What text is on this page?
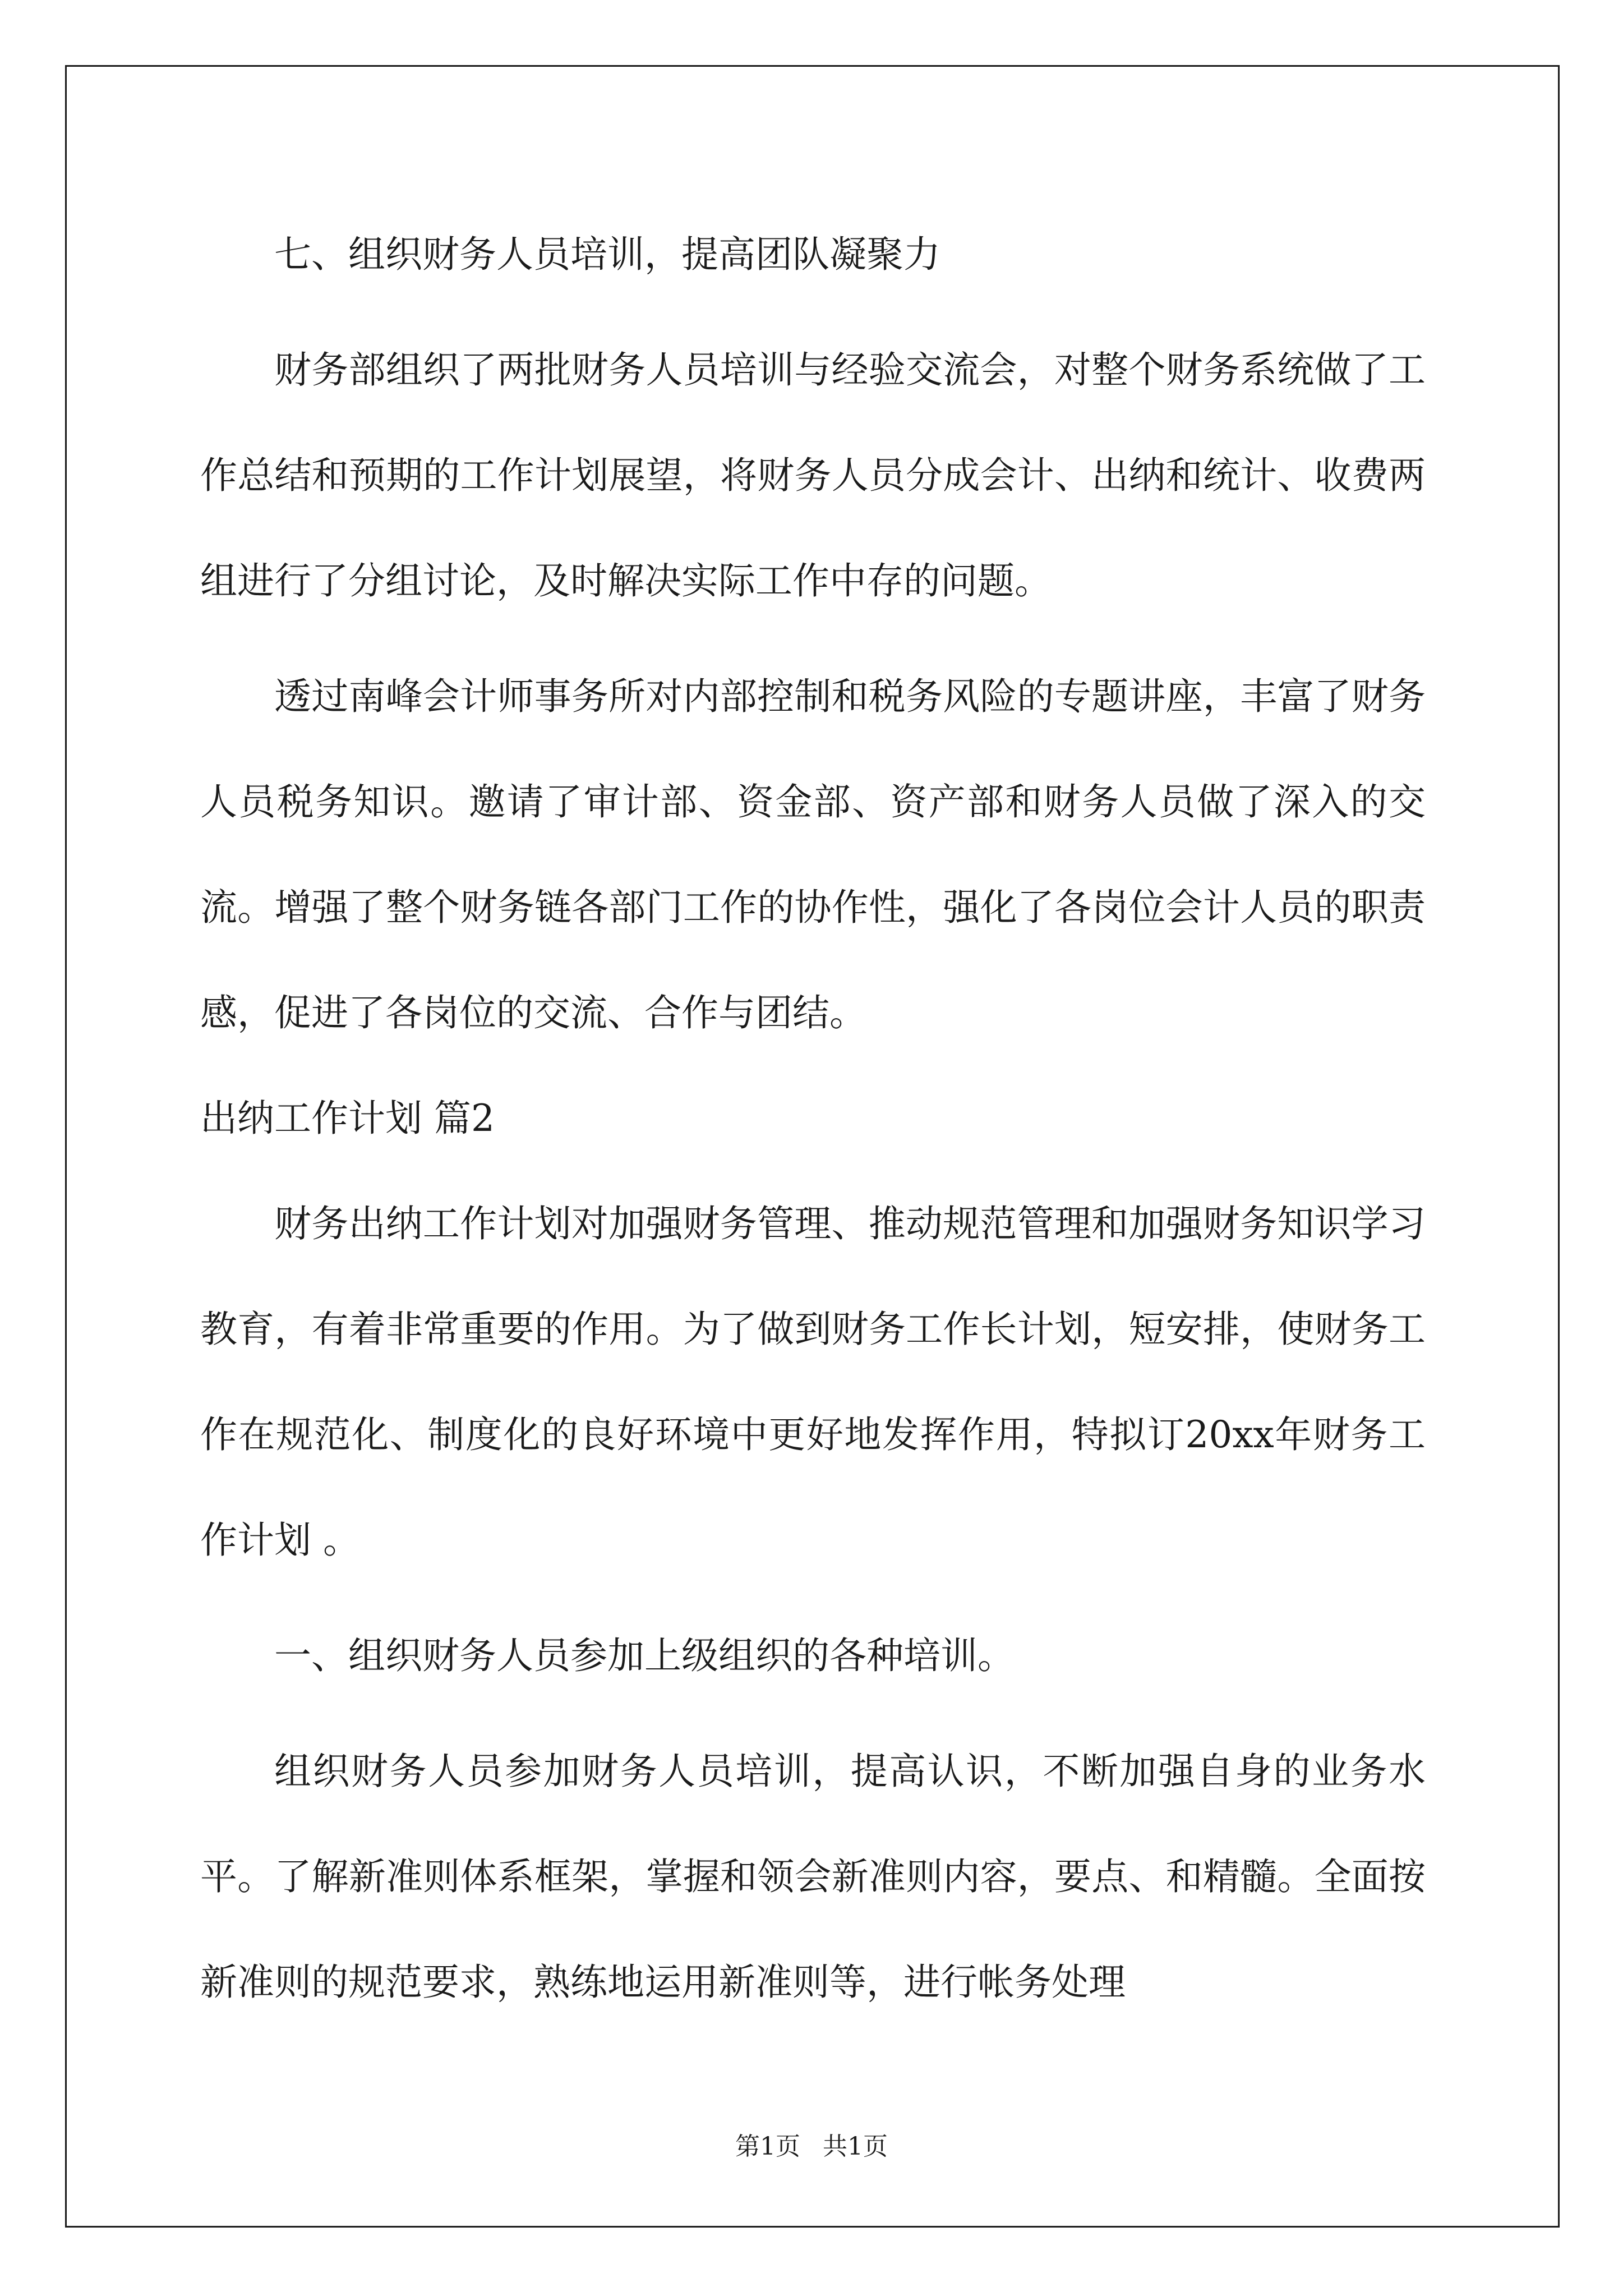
七、组织财务人员培训，提高团队凝聚力

财务部组织了两批财务人员培训与经验交流会，对整个财务系统做了工作总结和预期的工作计划展望，将财务人员分成会计、出纳和统计、收费两组进行了分组讨论，及时解决实际工作中存的问题。

透过南峰会计师事务所对内部控制和税务风险的专题讲座，丰富了财务人员税务知识。邀请了审计部、资金部、资产部和财务人员做了深入的交流。增强了整个财务链各部门工作的协作性，强化了各岗位会计人员的职责感，促进了各岗位的交流、合作与团结。

出纳工作计划 篇2

财务出纳工作计划对加强财务管理、推动规范管理和加强财务知识学习教育，有着非常重要的作用。为了做到财务工作长计划，短安排，使财务工作在规范化、制度化的良好环境中更好地发挥作用，特拟订20xx年财务工作计划 。

一、组织财务人员参加上级组织的各种培训。

组织财务人员参加财务人员培训，提高认识，不断加强自身的业务水平。了解新准则体系框架，掌握和领会新准则内容，要点、和精髓。全面按新准则的规范要求，熟练地运用新准则等，进行帐务处理

第1页 共1页
